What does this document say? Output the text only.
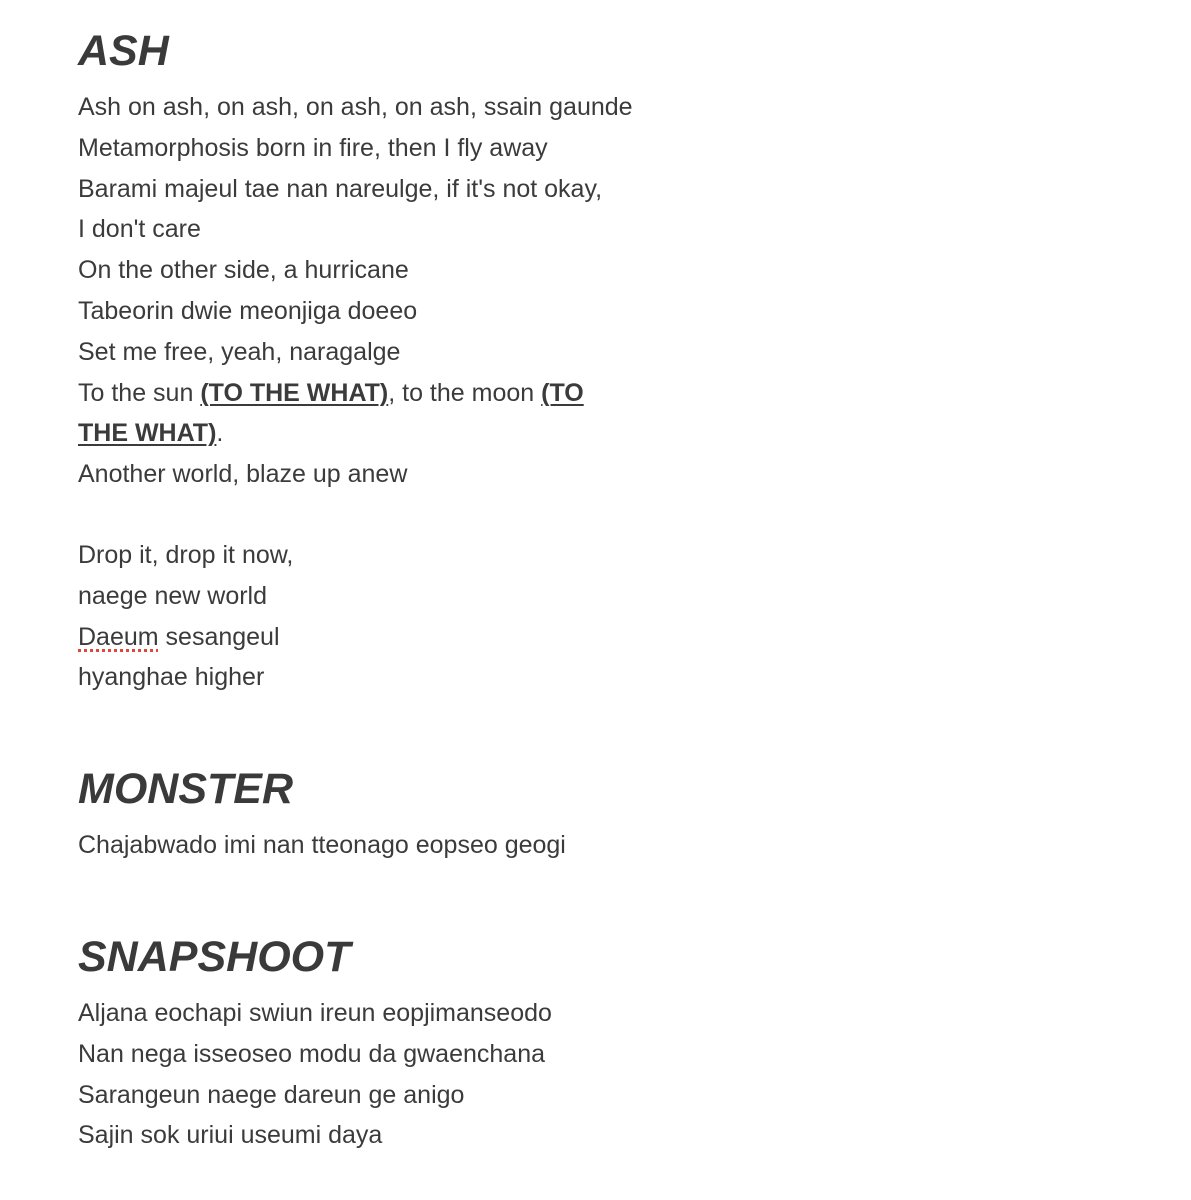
ASH
Ash on ash, on ash, on ash, on ash, ssain gaunde
Metamorphosis born in fire, then I fly away
Barami majeul tae nan nareulge, if it's not okay,
I don't care
On the other side, a hurricane
Tabeorin dwie meonjiga doeeo
Set me free, yeah, naragalge
To the sun (TO THE WHAT), to the moon (TO
THE WHAT).
Another world, blaze up anew
Drop it, drop it now,
naege new world
Daeum sesangeul
hyanghae higher
MONSTER
Chajabwado imi nan tteonago eopseo geogi
SNAPSHOOT
Aljana eochapi swiun ireun eopjimanseodo
Nan nega isseoseo modu da gwaenchana
Sarangeun naege dareun ge anigo
Sajin sok uriui useumi daya
